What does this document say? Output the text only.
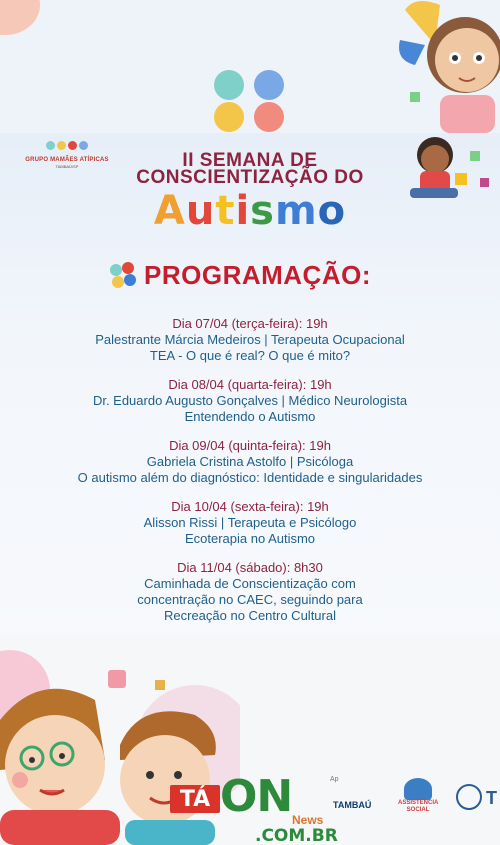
GRUPO MAMÃES ATÍPICAS
TAMBAÚ/SP	II SEMANA DE
CONSCIENTIZAÇÃO DO
Autismo
PROGRAMAÇÃO:
Dia 07/04 (terça-feira): 19h
Palestrante Márcia Medeiros | Terapeuta Ocupacional
TEA - O que é real? O que é mito?
Dia 08/04 (quarta-feira): 19h
Dr. Eduardo Augusto Gonçalves | Médico Neurologista
Entendendo o Autismo
Dia 09/04 (quinta-feira): 19h
Gabriela Cristina Astolfo | Psicóloga
O autismo além do diagnóstico: Identidade e singularidades
Dia 10/04 (sexta-feira): 19h
Alisson Rissi | Terapeuta e Psicólogo
Ecoterapia no Autismo
Dia 11/04 (sábado): 8h30
Caminhada de Conscientização com
concentração no CAEC, seguindo para
Recreação no Centro Cultural
Ap
TÁ ON News
.COM.BR
TAMBAÚ	ASSISTÊNCIA SOCIAL
T
